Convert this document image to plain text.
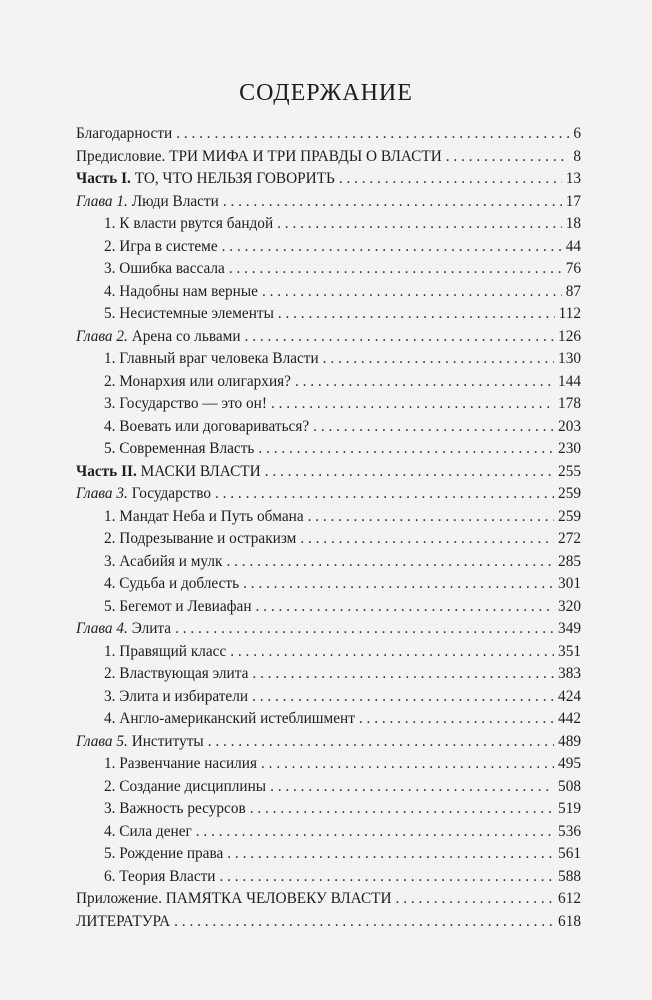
СОДЕРЖАНИЕ
Благодарности . . .	6
Предисловие. ТРИ МИФА И ТРИ ПРАВДЫ О ВЛАСТИ . . .	8
Часть I. ТО, ЧТО НЕЛЬЗЯ ГОВОРИТЬ . . .	13
Глава 1. Люди Власти . . .	17
1. К власти рвутся бандой . . .	18
2. Игра в системе . . .	44
3. Ошибка вассала . . .	76
4. Надобны нам верные . . .	87
5. Несистемные элементы . . .	112
Глава 2. Арена со львами . . .	126
1. Главный враг человека Власти . . .	130
2. Монархия или олигархия? . . .	144
3. Государство — это он! . . .	178
4. Воевать или договариваться? . . .	203
5. Современная Власть . . .	230
Часть II. МАСКИ ВЛАСТИ . . .	255
Глава 3. Государство . . .	259
1. Мандат Неба и Путь обмана . . .	259
2. Подрезывание и остракизм . . .	272
3. Асабийя и мулк . . .	285
4. Судьба и доблесть . . .	301
5. Бегемот и Левиафан . . .	320
Глава 4. Элита . . .	349
1. Правящий класс . . .	351
2. Властвующая элита . . .	383
3. Элита и избиратели . . .	424
4. Англо-американский истеблишмент . . .	442
Глава 5. Институты . . .	489
1. Развенчание насилия . . .	495
2. Создание дисциплины . . .	508
3. Важность ресурсов . . .	519
4. Сила денег . . .	536
5. Рождение права . . .	561
6. Теория Власти . . .	588
Приложение. ПАМЯТКА ЧЕЛОВЕКУ ВЛАСТИ . . .	612
ЛИТЕРАТУРА . . .	618
